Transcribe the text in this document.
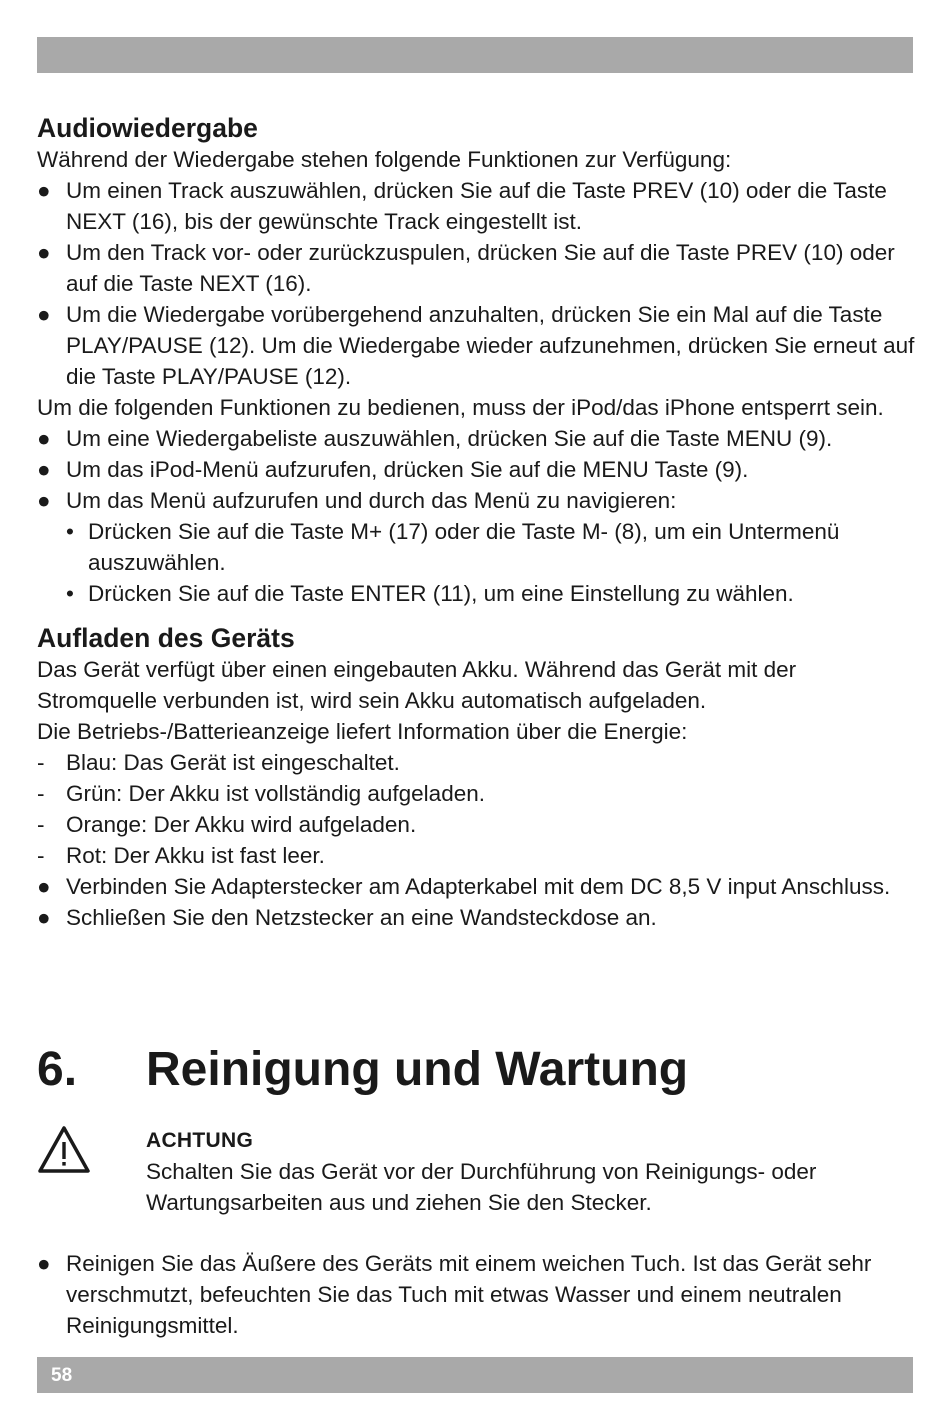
Audiowiedergabe

Während der Wiedergabe stehen folgende Funktionen zur Verfügung:

● Um einen Track auszuwählen, drücken Sie auf die Taste PREV (10) oder die Taste NEXT (16), bis der gewünschte Track eingestellt ist.
● Um den Track vor- oder zurückzuspulen, drücken Sie auf die Taste PREV (10) oder auf die Taste NEXT (16).
● Um die Wiedergabe vorübergehend anzuhalten, drücken Sie ein Mal auf die Taste PLAY/PAUSE (12). Um die Wiedergabe wieder aufzunehmen, drücken Sie erneut auf die Taste PLAY/PAUSE (12).

Um die folgenden Funktionen zu bedienen, muss der iPod/das iPhone entsperrt sein.

● Um eine Wiedergabeliste auszuwählen, drücken Sie auf die Taste MENU (9).
● Um das iPod-Menü aufzurufen, drücken Sie auf die MENU Taste (9).
● Um das Menü aufzurufen und durch das Menü zu navigieren:
• Drücken Sie auf die Taste M+ (17) oder die Taste M- (8), um ein Untermenü auszuwählen.
• Drücken Sie auf die Taste ENTER (11), um eine Einstellung zu wählen.
Aufladen des Geräts

Das Gerät verfügt über einen eingebauten Akku. Während das Gerät mit der Stromquelle verbunden ist, wird sein Akku automatisch aufgeladen.

Die Betriebs-/Batterieanzeige liefert Information über die Energie:

- Blau: Das Gerät ist eingeschaltet.
- Grün: Der Akku ist vollständig aufgeladen.
- Orange: Der Akku wird aufgeladen.
- Rot: Der Akku ist fast leer.
● Verbinden Sie Adapterstecker am Adapterkabel mit dem DC 8,5 V input Anschluss.
● Schließen Sie den Netzstecker an eine Wandsteckdose an.
6. Reinigung und Wartung
ACHTUNG
Schalten Sie das Gerät vor der Durchführung von Reinigungs- oder Wartungsarbeiten aus und ziehen Sie den Stecker.
● Reinigen Sie das Äußere des Geräts mit einem weichen Tuch. Ist das Gerät sehr verschmutzt, befeuchten Sie das Tuch mit etwas Wasser und einem neutralen Reinigungsmittel.
58
